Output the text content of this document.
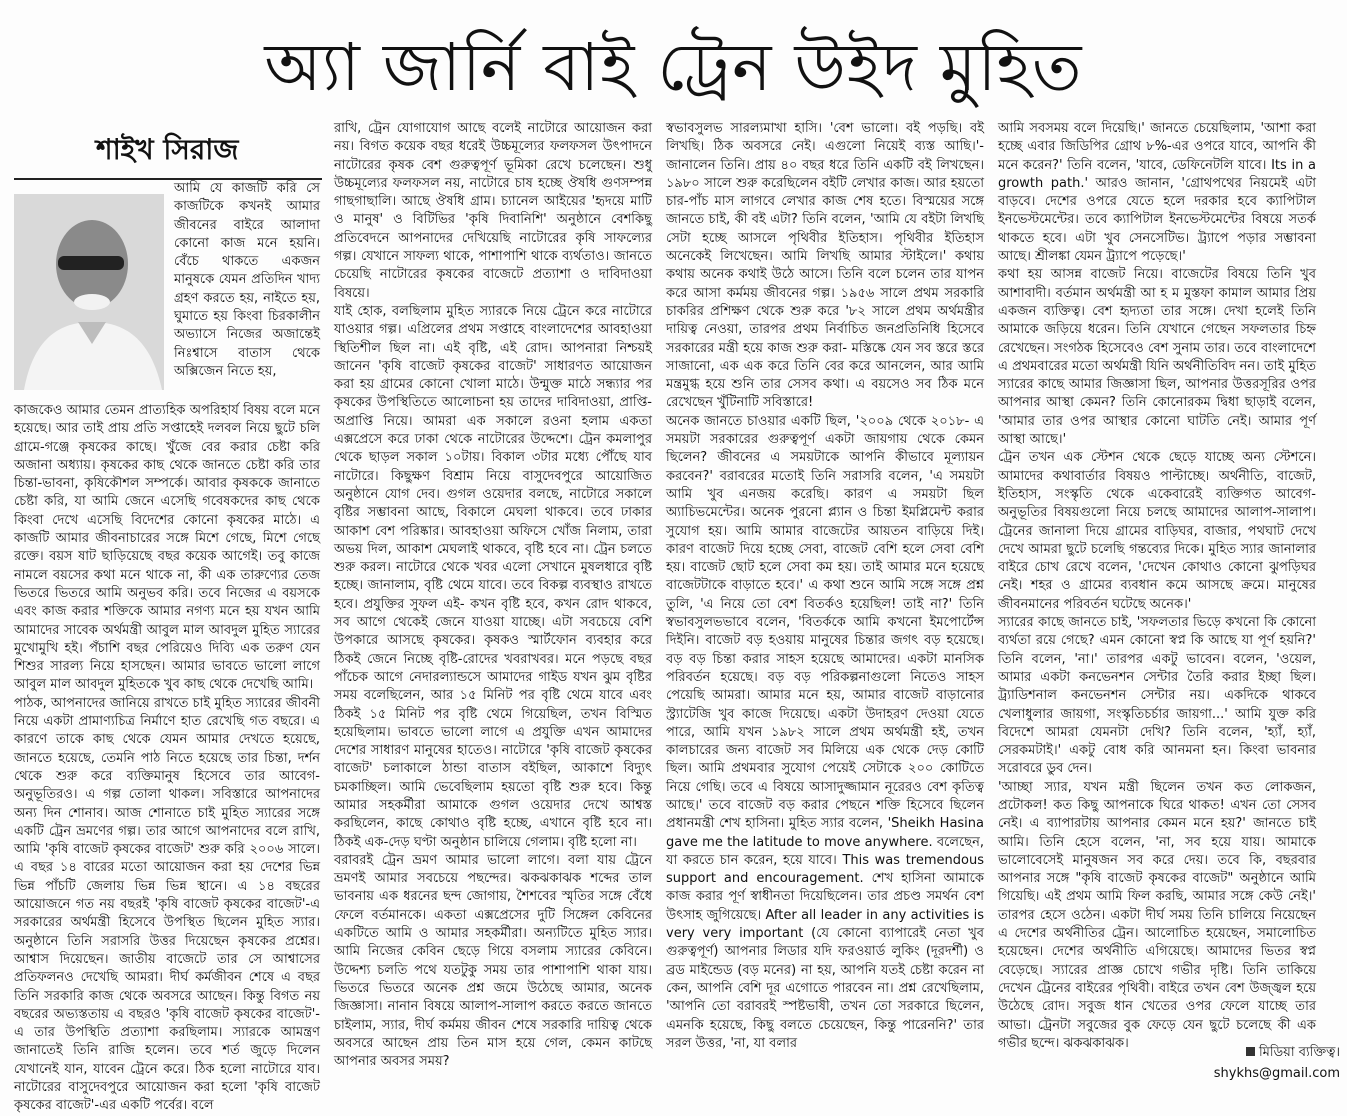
অ্যা জার্নি বাই ট্রেন উইদ মুহিত
শাইখ সিরাজ

আমি যে কাজটি করি সে কাজটিকে কখনই আমার জীবনের বাইরে আলাদা কোনো কাজ মনে হয়নি। বেঁচে থাকতে একজন মানুষকে যেমন প্রতিদিন খাদ্য গ্রহণ করতে হয়, নাইতে হয়, ঘুমাতে হয় কিংবা চিরকালীন অভ্যাসে নিজের অজান্তেই নিঃশ্বাসে বাতাস থেকে অক্সিজেন নিতে হয়,

কাজকেও আমার তেমন প্রাত্যহিক অপরিহার্য বিষয় বলে মনে হয়েছে। আর তাই প্রায় প্রতি সপ্তাহেই দলবল নিয়ে ছুটে চলি গ্রামে-গঞ্জে কৃষকের কাছে। খুঁজে বের করার চেষ্টা করি অজানা অধ্যায়। কৃষকের কাছ থেকে জানতে চেষ্টা করি তার চিন্তা-ভাবনা, কৃষিকৌশল সম্পর্কে। আবার কৃষককে জানাতে চেষ্টা করি, যা আমি জেনে এসেছি গবেষকদের কাছ থেকে কিংবা দেখে এসেছি বিদেশের কোনো কৃষকের মাঠে। এ কাজটি আমার জীবনাচারের সঙ্গে মিশে গেছে, মিশে গেছে রক্তে। বয়স ষাট ছাড়িয়েছে বছর কয়েক আগেই। তবু কাজে নামলে বয়সের কথা মনে থাকে না, কী এক তারুণ্যের তেজ ভিতরে ভিতরে আমি অনুভব করি। তবে নিজের এ বয়সকে এবং কাজ করার শক্তিকে আমার নগণ্য মনে হয় যখন আমি আমাদের সাবেক অর্থমন্ত্রী আবুল মাল আবদুল মুহিত স্যারের মুখোমুখি হই। পঁচাশি বছর পেরিয়েও দিব্যি এক তরুণ যেন শিশুর সারল্য নিয়ে হাসছেন। আমার ভাবতে ভালো লাগে আবুল মাল আবদুল মুহিতকে খুব কাছ থেকে দেখেছি আমি।

পাঠক, আপনাদের জানিয়ে রাখতে চাই মুহিত স্যারের জীবনী নিয়ে একটা প্রামাণ্যচিত্র নির্মাণে হাত রেখেছি গত বছরে। এ কারণে তাকে কাছ থেকে যেমন আমার দেখতে হয়েছে, জানতে হয়েছে, তেমনি পাঠ নিতে হয়েছে তার চিন্তা, দর্শন থেকে শুরু করে ব্যক্তিমানুষ হিসেবে তার আবেগ-অনুভূতিরও। এ গল্প তোলা থাকল। সবিস্তারে আপনাদের অন্য দিন শোনাব। আজ শোনাতে চাই মুহিত স্যারের সঙ্গে একটি ট্রেন ভ্রমণের গল্প। তার আগে আপনাদের বলে রাখি, আমি 'কৃষি বাজেট কৃষকের বাজেট' শুরু করি ২০০৬ সালে। এ বছর ১৪ বারের মতো আয়োজন করা হয় দেশের ভিন্ন ভিন্ন পাঁচটি জেলায় ভিন্ন ভিন্ন স্থানে। এ ১৪ বছরের আয়োজনে গত নয় বছরই 'কৃষি বাজেট কৃষকের বাজেট'-এ সরকারের অর্থমন্ত্রী হিসেবে উপস্থিত ছিলেন মুহিত স্যার। অনুষ্ঠানে তিনি সরাসরি উত্তর দিয়েছেন কৃষকের প্রশ্নের। আশ্বাস দিয়েছেন। জাতীয় বাজেটে তার সে আশ্বাসের প্রতিফলনও দেখেছি আমরা। দীর্ঘ কর্মজীবন শেষে এ বছর তিনি সরকারি কাজ থেকে অবসরে আছেন। কিন্তু বিগত নয় বছরের অভ্যস্ততায় এ বছরও 'কৃষি বাজেট কৃষকের বাজেট'-এ তার উপস্থিতি প্রত্যাশা করছিলাম। স্যারকে আমন্ত্রণ জানাতেই তিনি রাজি হলেন। তবে শর্ত জুড়ে দিলেন যেখানেই যান, যাবেন ট্রেনে করে। ঠিক হলো নাটোরে যাব। নাটোরের বাসুদেবপুরে আয়োজন করা হলো 'কৃষি বাজেট কৃষকের বাজেট'-এর একটি পর্বের। বলে

রাখি, ট্রেন যোগাযোগ আছে বলেই নাটোরে আয়োজন করা নয়। বিগত কয়েক বছর ধরেই উচ্চমূল্যের ফলফসল উৎপাদনে নাটোরের কৃষক বেশ গুরুত্বপূর্ণ ভূমিকা রেখে চলেছেন। শুধু উচ্চমূল্যের ফলফসল নয়, নাটোরে চাষ হচ্ছে ঔষধি গুণসম্পন্ন গাছগাছালি। আছে ঔষধি গ্রাম। চ্যানেল আইয়ের 'হৃদয়ে মাটি ও মানুষ' ও বিটিভির 'কৃষি দিবানিশি' অনুষ্ঠানে বেশকিছু প্রতিবেদনে আপনাদের দেখিয়েছি নাটোরের কৃষি সাফল্যের গল্প। যেখানে সাফল্য থাকে, পাশাপাশি থাকে ব্যর্থতাও। জানতে চেয়েছি নাটোরের কৃষকের বাজেটে প্রত্যাশা ও দাবিদাওয়া বিষয়ে।

যাই হোক, বলছিলাম মুহিত স্যারকে নিয়ে ট্রেনে করে নাটোরে যাওয়ার গল্প। এপ্রিলের প্রথম সপ্তাহে বাংলাদেশের আবহাওয়া স্থিতিশীল ছিল না। এই বৃষ্টি, এই রোদ। আপনারা নিশ্চয়ই জানেন 'কৃষি বাজেট কৃষকের বাজেট' সাধারণত আয়োজন করা হয় গ্রামের কোনো খোলা মাঠে। উন্মুক্ত মাঠে সন্ধ্যার পর কৃষকের উপস্থিতিতে আলোচনা হয় তাদের দাবিদাওয়া, প্রাপ্তি-অপ্রাপ্তি নিয়ে। আমরা এক সকালে রওনা হলাম একতা এক্সপ্রেসে করে ঢাকা থেকে নাটোরের উদ্দেশে। ট্রেন কমলাপুর থেকে ছাড়ল সকাল ১০টায়। বিকাল ৩টার মধ্যে পৌঁছে যাব নাটোরে। কিছুক্ষণ বিশ্রাম নিয়ে বাসুদেবপুরে আয়োজিত অনুষ্ঠানে যোগ দেব। গুগল ওয়েদার বলছে, নাটোরে সকালে বৃষ্টির সম্ভাবনা আছে, বিকালে মেঘলা থাকবে। তবে ঢাকার আকাশ বেশ পরিষ্কার। আবহাওয়া অফিসে খোঁজ নিলাম, তারা অভয় দিল, আকাশ মেঘলাই থাকবে, বৃষ্টি হবে না। ট্রেন চলতে শুরু করল। নাটোরে থেকে খবর এলো সেখানে মুষলধারে বৃষ্টি হচ্ছে। জানালাম, বৃষ্টি থেমে যাবে। তবে বিকল্প ব্যবস্থাও রাখতে হবে। প্রযুক্তির সুফল এই- কখন বৃষ্টি হবে, কখন রোদ থাকবে, সব আগে থেকেই জেনে যাওয়া যাচ্ছে। এটা সবচেয়ে বেশি উপকারে আসছে কৃষকের। কৃষকও স্মার্টফোন ব্যবহার করে ঠিকই জেনে নিচ্ছে বৃষ্টি-রোদের খবরাখবর। মনে পড়ছে বছর পাঁচেক আগে নেদারল্যান্ডসে আমাদের গাইড যখন ঝুম বৃষ্টির সময় বলেছিলেন, আর ১৫ মিনিট পর বৃষ্টি থেমে যাবে এবং ঠিকই ১৫ মিনিট পর বৃষ্টি থেমে গিয়েছিল, তখন বিস্মিত হয়েছিলাম। ভাবতে ভালো লাগে এ প্রযুক্তি এখন আমাদের দেশের সাধারণ মানুষের হাতেও। নাটোরে 'কৃষি বাজেট কৃষকের বাজেট' চলাকালে ঠান্ডা বাতাস বইছিল, আকাশে বিদ্যুৎ চমকাচ্ছিল। আমি ভেবেছিলাম হয়তো বৃষ্টি শুরু হবে। কিন্তু আমার সহকর্মীরা আমাকে গুগল ওয়েদার দেখে আশ্বস্ত করছিলেন, কাছে কোথাও বৃষ্টি হচ্ছে, এখানে বৃষ্টি হবে না। ঠিকই এক-দেড় ঘণ্টা অনুষ্ঠান চালিয়ে গেলাম। বৃষ্টি হলো না।

বরাবরই ট্রেন ভ্রমণ আমার ভালো লাগে। বলা যায় ট্রেনে ভ্রমণই আমার সবচেয়ে পছন্দের। ঝকঝকাঝক শব্দের তাল ভাবনায় এক ধরনের ছন্দ জোগায়, শৈশবের স্মৃতির সঙ্গে বেঁধে ফেলে বর্তমানকে। একতা এক্সপ্রেসের দুটি সিঙ্গেল কেবিনের একটিতে আমি ও আমার সহকর্মীরা। অন্যটিতে মুহিত স্যার। আমি নিজের কেবিন ছেড়ে গিয়ে বসলাম স্যারের কেবিনে। উদ্দেশ্য চলতি পথে যতটুকু সময় তার পাশাপাশি থাকা যায়। ভিতরে ভিতরে অনেক প্রশ্ন জমে উঠেছে আমার, অনেক জিজ্ঞাসা। নানান বিষয়ে আলাপ-সালাপ করতে করতে জানতে চাইলাম, স্যার, দীর্ঘ কর্মময় জীবন শেষে সরকারি দায়িত্ব থেকে অবসরে আছেন প্রায় তিন মাস হয়ে গেল, কেমন কাটছে আপনার অবসর সময়?

স্বভাবসুলভ সারল্যমাখা হাসি। 'বেশ ভালো। বই পড়ছি। বই লিখছি। ঠিক অবসরে নেই। এগুলো নিয়েই ব্যস্ত আছি।'- জানালেন তিনি। প্রায় ৪০ বছর ধরে তিনি একটি বই লিখছেন। ১৯৮০ সালে শুরু করেছিলেন বইটি লেখার কাজ। আর হয়তো চার-পাঁচ মাস লাগবে লেখার কাজ শেষ হতে। বিস্ময়ের সঙ্গে জানতে চাই, কী বই এটা? তিনি বলেন, 'আমি যে বইটা লিখছি সেটা হচ্ছে আসলে পৃথিবীর ইতিহাস। পৃথিবীর ইতিহাস অনেকেই লিখেছেন। আমি লিখছি আমার স্টাইলে।' কথায় কথায় অনেক কথাই উঠে আসে। তিনি বলে চলেন তার যাপন করে আসা কর্মময় জীবনের গল্প। ১৯৫৬ সালে প্রথম সরকারি চাকরির প্রশিক্ষণ থেকে শুরু করে '৮২ সালে প্রথম অর্থমন্ত্রীর দায়িত্ব নেওয়া, তারপর প্রথম নির্বাচিত জনপ্রতিনিধি হিসেবে সরকারের মন্ত্রী হয়ে কাজ শুরু করা- মস্তিষ্কে যেন সব স্তরে স্তরে সাজানো, এক এক করে তিনি বের করে আনলেন, আর আমি মন্ত্রমুগ্ধ হয়ে শুনি তার সেসব কথা। এ বয়সেও সব ঠিক মনে রেখেছেন খুঁটিনাটি সবিস্তারে!

অনেক জানতে চাওয়ার একটি ছিল, '২০০৯ থেকে ২০১৮- এ সময়টা সরকারের গুরুত্বপূর্ণ একটা জায়গায় থেকে কেমন ছিলেন? জীবনের এ সময়টাকে আপনি কীভাবে মূল্যায়ন করবেন?' বরাবরের মতোই তিনি সরাসরি বলেন, 'এ সময়টা আমি খুব এনজয় করেছি। কারণ এ সময়টা ছিল অ্যাচিভমেন্টের। অনেক পুরনো প্ল্যান ও চিন্তা ইমপ্লিমেন্ট করার সুযোগ হয়। আমি আমার বাজেটের আয়তন বাড়িয়ে দিই। কারণ বাজেট দিয়ে হচ্ছে সেবা, বাজেট বেশি হলে সেবা বেশি হয়। বাজেট ছোট হলে সেবা কম হয়। তাই আমার মনে হয়েছে বাজেটটাকে বাড়াতে হবে।' এ কথা শুনে আমি সঙ্গে সঙ্গে প্রশ্ন তুলি, 'এ নিয়ে তো বেশ বিতর্কও হয়েছিল! তাই না?' তিনি স্বভাবসুলভভাবে বলেন, 'বিতর্ককে আমি কখনো ইমপোর্টেন্স দিইনি। বাজেট বড় হওয়ায় মানুষের চিন্তার জগৎ বড় হয়েছে। বড় বড় চিন্তা করার সাহস হয়েছে আমাদের। একটা মানসিক পরিবর্তন হয়েছে। বড় বড় পরিকল্পনাগুলো নিতেও সাহস পেয়েছি আমরা। আমার মনে হয়, আমার বাজেট বাড়ানোর স্ট্র্যাটেজি খুব কাজে দিয়েছে। একটা উদাহরণ দেওয়া যেতে পারে, আমি যখন ১৯৮২ সালে প্রথম অর্থমন্ত্রী হই, তখন কালচারের জন্য বাজেট সব মিলিয়ে এক থেকে দেড় কোটি ছিল। আমি প্রথমবার সুযোগ পেয়েই সেটাকে ২০০ কোটিতে নিয়ে গেছি। তবে এ বিষয়ে আসাদুজ্জামান নূরেরও বেশ কৃতিত্ব আছে।' তবে বাজেট বড় করার পেছনে শক্তি হিসেবে ছিলেন প্রধানমন্ত্রী শেখ হাসিনা। মুহিত স্যার বলেন, 'Sheikh Hasina gave me the latitude to move anywhere. বলেছেন, যা করতে চান করেন, হয়ে যাবে। This was tremendous support and encouragement. শেখ হাসিনা আমাকে কাজ করার পূর্ণ স্বাধীনতা দিয়েছিলেন। তার প্রচণ্ড সমর্থন বেশ উৎসাহ জুগিয়েছে। After all leader in any activities is very very important (যে কোনো ব্যাপারেই নেতা খুব গুরুত্বপূর্ণ) আপনার লিডার যদি ফরওয়ার্ড লুকিং (দূরদর্শী) ও ব্রড মাইন্ডেড (বড় মনের) না হয়, আপনি যতই চেষ্টা করেন না কেন, আপনি বেশি দূর এগোতে পারবেন না। প্রশ্ন রেখেছিলাম, 'আপনি তো বরাবরই স্পষ্টভাষী, তখন তো সরকারে ছিলেন, এমনকি হয়েছে, কিছু বলতে চেয়েছেন, কিন্তু পারেননি?' তার সরল উত্তর, 'না, যা বলার

আমি সবসময় বলে দিয়েছি।' জানতে চেয়েছিলাম, 'আশা করা হচ্ছে এবার জিডিপির গ্রোথ ৮%-এর ওপরে যাবে, আপনি কী মনে করেন?' তিনি বলেন, 'যাবে, ডেফিনেটলি যাবে। Its in a growth path.' আরও জানান, 'গ্রোথপথের নিয়মেই এটা বাড়বে। দেশের ওপরে যেতে হলে দরকার হবে ক্যাপিটাল ইনভেস্টমেন্টের। তবে ক্যাপিটাল ইনভেস্টমেন্টের বিষয়ে সতর্ক থাকতে হবে। এটা খুব সেনসেটিভ। ট্র্যাপে পড়ার সম্ভাবনা আছে। শ্রীলঙ্কা যেমন ট্র্যাপে পড়েছে।'

কথা হয় আসন্ন বাজেট নিয়ে। বাজেটের বিষয়ে তিনি খুব আশাবাদী। বর্তমান অর্থমন্ত্রী আ হ ম মুস্তফা কামাল আমার প্রিয় একজন ব্যক্তিত্ব। বেশ হৃদ্যতা তার সঙ্গে। দেখা হলেই তিনি আমাকে জড়িয়ে ধরেন। তিনি যেখানে গেছেন সফলতার চিহ্ন রেখেছেন। সংগঠক হিসেবেও বেশ সুনাম তার। তবে বাংলাদেশে এ প্রথমবারের মতো অর্থমন্ত্রী যিনি অর্থনীতিবিদ নন। তাই মুহিত স্যারের কাছে আমার জিজ্ঞাসা ছিল, আপনার উত্তরসূরির ওপর আপনার আস্থা কেমন? তিনি কোনোরকম দ্বিধা ছাড়াই বলেন, 'আমার তার ওপর আস্থার কোনো ঘাটতি নেই। আমার পূর্ণ আস্থা আছে।'

ট্রেন তখন এক স্টেশন থেকে ছেড়ে যাচ্ছে অন্য স্টেশনে। আমাদের কথাবার্তার বিষয়ও পাল্টাচ্ছে। অর্থনীতি, বাজেট, ইতিহাস, সংস্কৃতি থেকে একেবারেই ব্যক্তিগত আবেগ-অনুভূতির বিষয়গুলো নিয়ে চলছে আমাদের আলাপ-সালাপ। ট্রেনের জানালা দিয়ে গ্রামের বাড়িঘর, বাজার, পথঘাট দেখে দেখে আমরা ছুটে চলেছি গন্তব্যের দিকে। মুহিত স্যার জানালার বাইরে চোখ রেখে বলেন, 'দেখেন কোথাও কোনো ঝুপড়িঘর নেই। শহর ও গ্রামের ব্যবধান কমে আসছে ক্রমে। মানুষের জীবনমানের পরিবর্তন ঘটেছে অনেক।'

স্যারের কাছে জানতে চাই, 'সফলতার ভিড়ে কখনো কি কোনো ব্যর্থতা রয়ে গেছে? এমন কোনো স্বপ্ন কি আছে যা পূর্ণ হয়নি?' তিনি বলেন, 'না।' তারপর একটু ভাবেন। বলেন, 'ওয়েল, আমার একটা কনভেনশন সেন্টার তৈরি করার ইচ্ছা ছিল। ট্র্যাডিশনাল কনভেনশন সেন্টার নয়। একদিকে থাকবে খেলাধুলার জায়গা, সংস্কৃতিচর্চার জায়গা...' আমি যুক্ত করি বিদেশে আমরা যেমনটা দেখি? তিনি বলেন, 'হ্যাঁ, হ্যাঁ, সেরকমটাই।' একটু বোধ করি আনমনা হন। কিংবা ভাবনার সরোবরে ডুব দেন।

'আচ্ছা স্যার, যখন মন্ত্রী ছিলেন তখন কত লোকজন, প্রটোকল! কত কিছু আপনাকে ঘিরে থাকত! এখন তো সেসব নেই। এ ব্যাপারটায় আপনার কেমন মনে হয়?' জানতে চাই আমি। তিনি হেসে বলেন, 'না, সব হয়ে যায়। আমাকে ভালোবেসেই মানুষজন সব করে দেয়। তবে কি, বছরবার আপনার সঙ্গে "কৃষি বাজেট কৃষকের বাজেট" অনুষ্ঠানে আমি গিয়েছি। এই প্রথম আমি ফিল করছি, আমার সঙ্গে কেউ নেই।' তারপর হেসে ওঠেন। একটা দীর্ঘ সময় তিনি চালিয়ে নিয়েছেন এ দেশের অর্থনীতির ট্রেন। আলোচিত হয়েছেন, সমালোচিত হয়েছেন। দেশের অর্থনীতি এগিয়েছে। আমাদের ভিতর স্বপ্ন বেড়েছে। স্যারের প্রাজ্ঞ চোখে গভীর দৃষ্টি। তিনি তাকিয়ে দেখেন ট্রেনের বাইরের পৃথিবী। বাইরে তখন বেশ উজ্জ্বল হয়ে উঠেছে রোদ। সবুজ ধান খেতের ওপর ফেলে যাচ্ছে তার আভা। ট্রেনটা সবুজের বুক ফেড়ে যেন ছুটে চলেছে কী এক গভীর ছন্দে। ঝকঝকাঝক।

মিডিয়া ব্যক্তিত্ব।
shykhs@gmail.com
